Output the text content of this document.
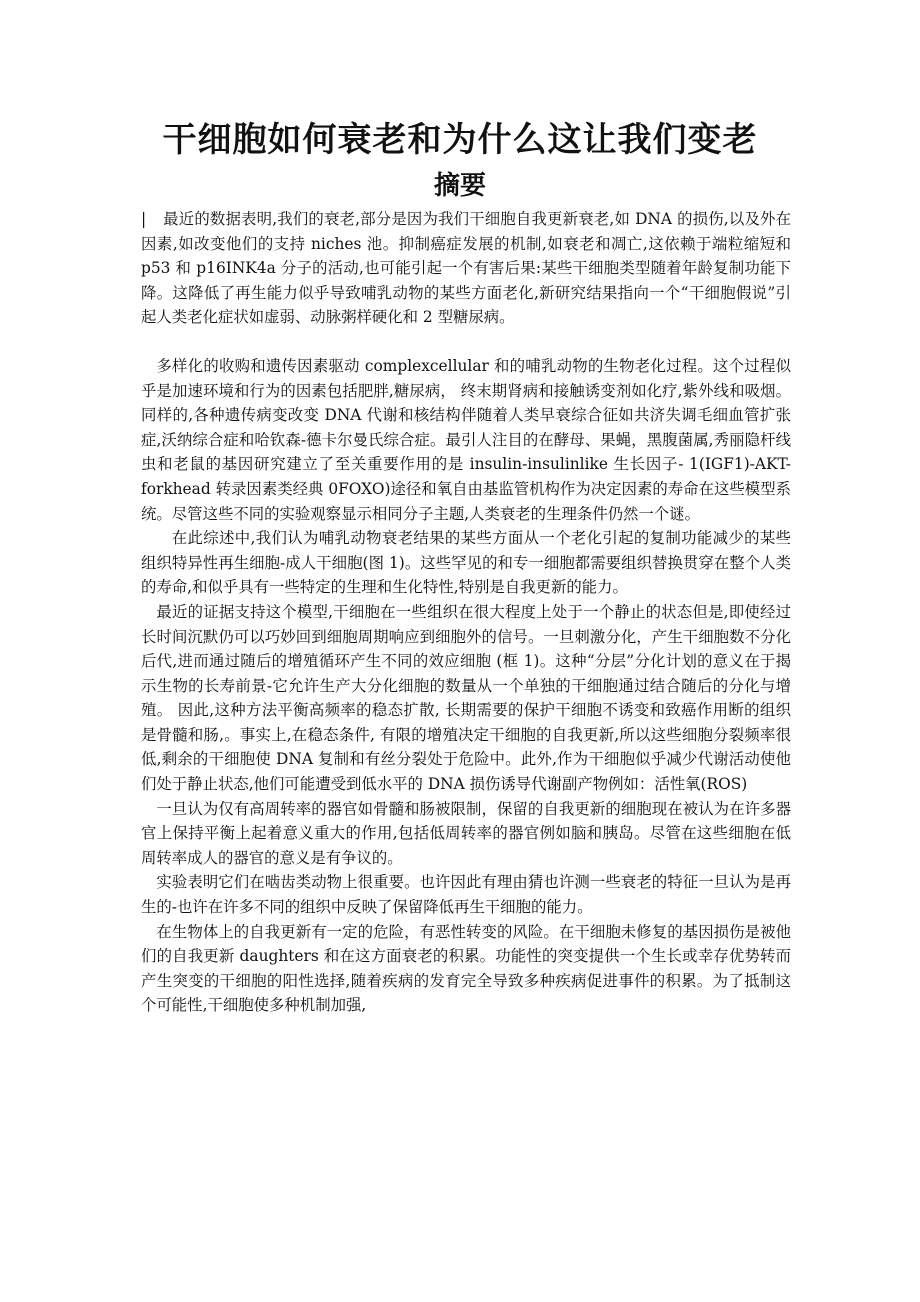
干细胞如何衰老和为什么这让我们变老
摘要

| 最近的数据表明,我们的衰老,部分是因为我们干细胞自我更新衰老,如 DNA 的损伤,以及外在因素,如改变他们的支持 niches 池。抑制癌症发展的机制,如衰老和凋亡,这依赖于端粒缩短和 p53 和 p16INK4a 分子的活动,也可能引起一个有害后果:某些干细胞类型随着年龄复制功能下降。这降低了再生能力似乎导致哺乳动物的某些方面老化,新研究结果指向一个“干细胞假说”引起人类老化症状如虚弱、动脉粥样硬化和 2 型糖尿病。

多样化的收购和遗传因素驱动 complexcellular 和的哺乳动物的生物老化过程。这个过程似乎是加速环境和行为的因素包括肥胖,糖尿病， 终末期肾病和接触诱变剂如化疗,紫外线和吸烟。同样的,各种遗传病变改变 DNA 代谢和核结构伴随着人类早衰综合征如共济失调毛细血管扩张症,沃纳综合症和哈钦森-德卡尔曼氏综合症。最引人注目的在酵母、果蝇，黑腹菌属,秀丽隐杆线虫和老鼠的基因研究建立了至关重要作用的是 insulin-insulinlike 生长因子- 1(IGF1)-AKT-forkhead 转录因素类经典 0FOXO)途径和氧自由基监管机构作为决定因素的寿命在这些模型系统。尽管这些不同的实验观察显示相同分子主题,人类衰老的生理条件仍然一个谜。

在此综述中,我们认为哺乳动物衰老结果的某些方面从一个老化引起的复制功能减少的某些组织特异性再生细胞-成人干细胞(图 1)。这些罕见的和专一细胞都需要组织替换贯穿在整个人类的寿命,和似乎具有一些特定的生理和生化特性,特别是自我更新的能力。

最近的证据支持这个模型,干细胞在一些组织在很大程度上处于一个静止的状态但是,即使经过长时间沉默仍可以巧妙回到细胞周期响应到细胞外的信号。一旦刺激分化，产生干细胞数不分化后代,进而通过随后的增殖循环产生不同的效应细胞 (框 1)。这种“分层”分化计划的意义在于揭示生物的长寿前景-它允许生产大分化细胞的数量从一个单独的干细胞通过结合随后的分化与增殖。 因此,这种方法平衡高频率的稳态扩散, 长期需要的保护干细胞不诱变和致癌作用断的组织是骨髓和肠,。事实上,在稳态条件, 有限的增殖决定干细胞的自我更新,所以这些细胞分裂频率很低,剩余的干细胞使 DNA 复制和有丝分裂处于危险中。此外,作为干细胞似乎减少代谢活动使他们处于静止状态,他们可能遭受到低水平的 DNA 损伤诱导代谢副产物例如：活性氧(ROS)

一旦认为仅有高周转率的器官如骨髓和肠被限制，保留的自我更新的细胞现在被认为在许多器官上保持平衡上起着意义重大的作用,包括低周转率的器官例如脑和胰岛。尽管在这些细胞在低周转率成人的器官的意义是有争议的。

实验表明它们在啮齿类动物上很重要。也许因此有理由猜也许测一些衰老的特征一旦认为是再生的-也许在许多不同的组织中反映了保留降低再生干细胞的能力。

在生物体上的自我更新有一定的危险，有恶性转变的风险。在干细胞未修复的基因损伤是被他们的自我更新 daughters 和在这方面衰老的积累。功能性的突变提供一个生长或幸存优势转而产生突变的干细胞的阳性选择,随着疾病的发育完全导致多种疾病促进事件的积累。为了抵制这个可能性,干细胞使多种机制加强,
